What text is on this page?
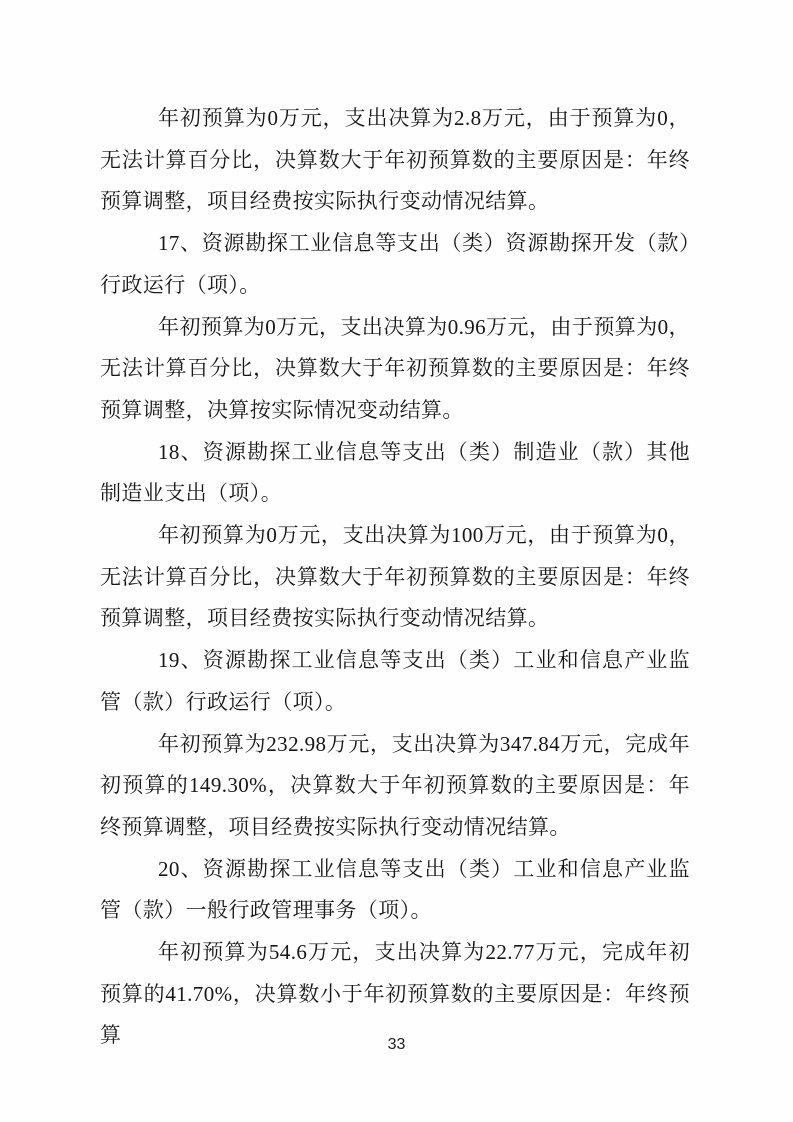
年初预算为0万元，支出决算为2.8万元，由于预算为0，无法计算百分比，决算数大于年初预算数的主要原因是：年终预算调整，项目经费按实际执行变动情况结算。

17、资源勘探工业信息等支出（类）资源勘探开发（款）行政运行（项）。

年初预算为0万元，支出决算为0.96万元，由于预算为0，无法计算百分比，决算数大于年初预算数的主要原因是：年终预算调整，决算按实际情况变动结算。

18、资源勘探工业信息等支出（类）制造业（款）其他制造业支出（项）。

年初预算为0万元，支出决算为100万元，由于预算为0，无法计算百分比，决算数大于年初预算数的主要原因是：年终预算调整，项目经费按实际执行变动情况结算。

19、资源勘探工业信息等支出（类）工业和信息产业监管（款）行政运行（项）。

年初预算为232.98万元，支出决算为347.84万元，完成年初预算的149.30%，决算数大于年初预算数的主要原因是：年终预算调整，项目经费按实际执行变动情况结算。

20、资源勘探工业信息等支出（类）工业和信息产业监管（款）一般行政管理事务（项）。

年初预算为54.6万元，支出决算为22.77万元，完成年初预算的41.70%，决算数小于年初预算数的主要原因是：年终预算	33
